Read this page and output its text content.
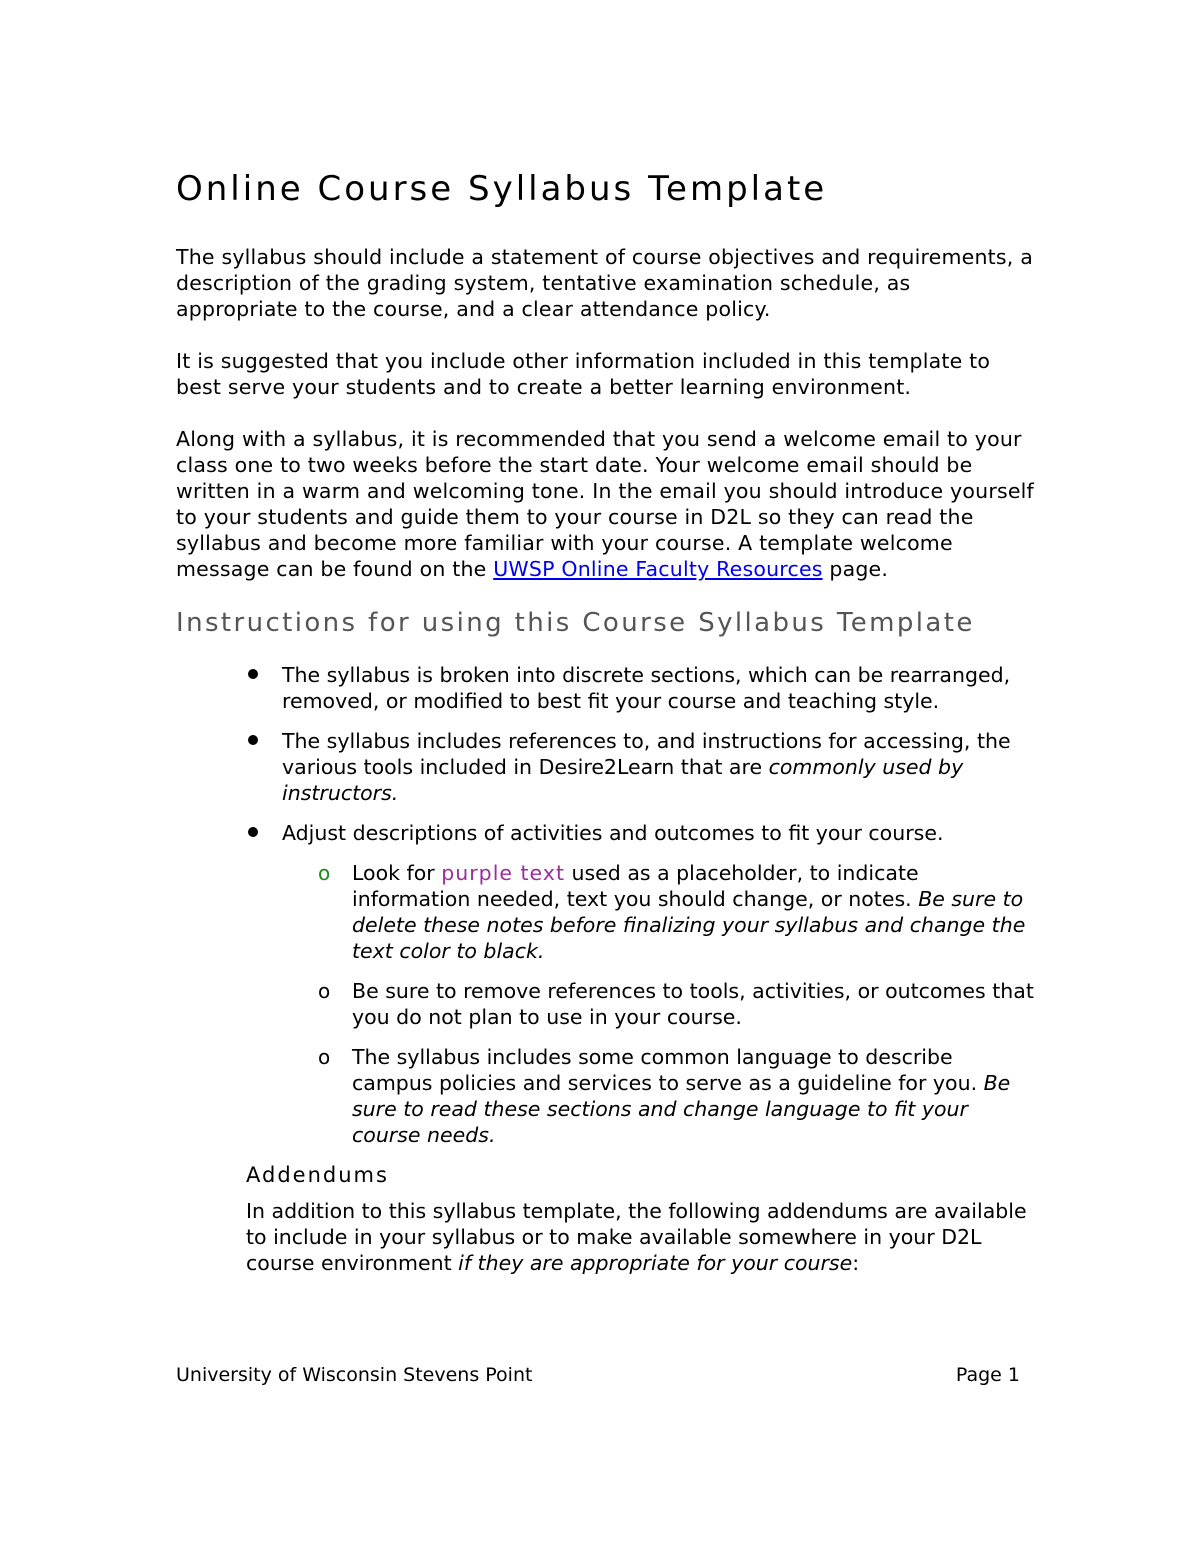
Online Course Syllabus Template

The syllabus should include a statement of course objectives and requirements, a description of the grading system, tentative examination schedule, as appropriate to the course, and a clear attendance policy.

It is suggested that you include other information included in this template to best serve your students and to create a better learning environment.

Along with a syllabus, it is recommended that you send a welcome email to your class one to two weeks before the start date. Your welcome email should be written in a warm and welcoming tone. In the email you should introduce yourself to your students and guide them to your course in D2L so they can read the syllabus and become more familiar with your course. A template welcome message can be found on the UWSP Online Faculty Resources page.

Instructions for using this Course Syllabus Template
The syllabus is broken into discrete sections, which can be rearranged, removed, or modified to best fit your course and teaching style.
The syllabus includes references to, and instructions for accessing, the various tools included in Desire2Learn that are commonly used by instructors.
Adjust descriptions of activities and outcomes to fit your course.
o Look for purple text used as a placeholder, to indicate information needed, text you should change, or notes. Be sure to delete these notes before finalizing your syllabus and change the text color to black.
o Be sure to remove references to tools, activities, or outcomes that you do not plan to use in your course.
o The syllabus includes some common language to describe campus policies and services to serve as a guideline for you. Be sure to read these sections and change language to fit your course needs.
Addendums
In addition to this syllabus template, the following addendums are available to include in your syllabus or to make available somewhere in your D2L course environment if they are appropriate for your course:
University of Wisconsin Stevens Point	Page 1
